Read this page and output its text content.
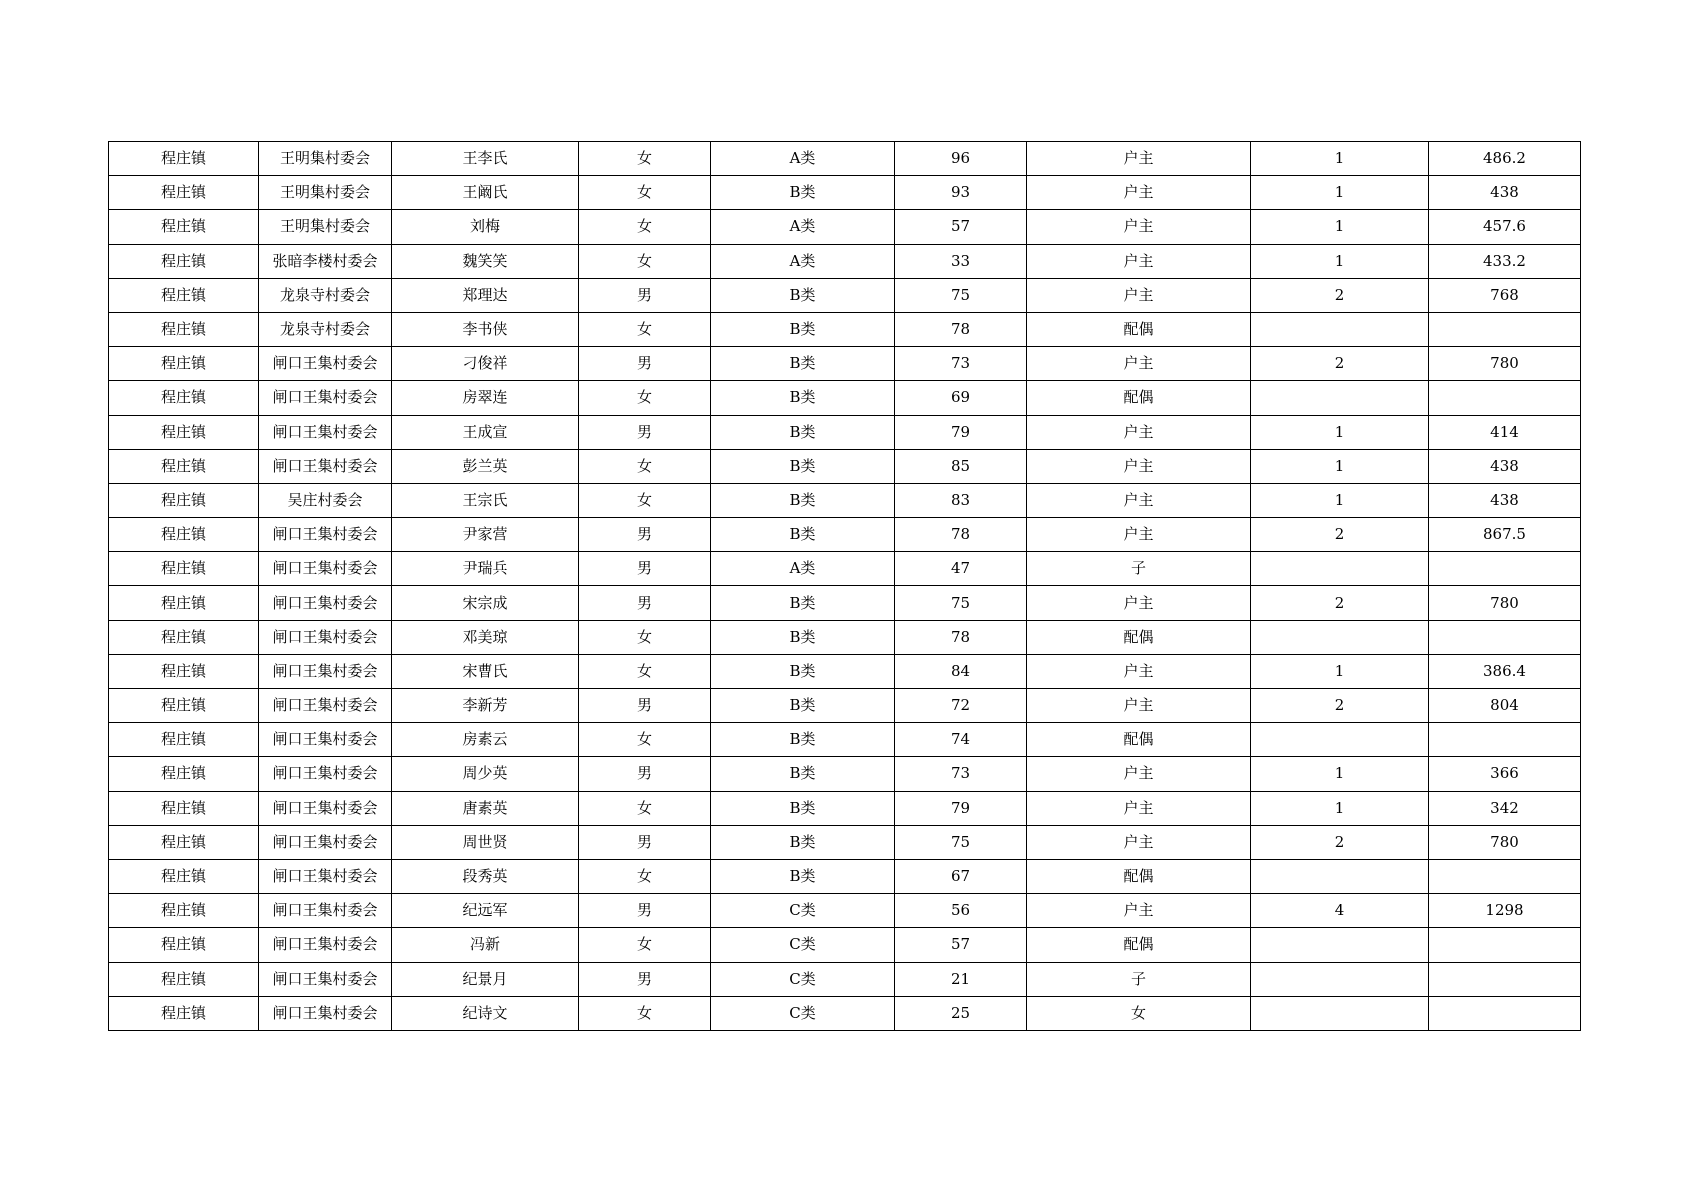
程庄镇	王明集村委会	王李氏	女	A类	96	户主	1	486.2
程庄镇	王明集村委会	王阚氏	女	B类	93	户主	1	438
程庄镇	王明集村委会	刘梅	女	A类	57	户主	1	457.6
程庄镇	张暗李楼村委会	魏笑笑	女	A类	33	户主	1	433.2
程庄镇	龙泉寺村委会	郑理达	男	B类	75	户主	2	768
程庄镇	龙泉寺村委会	李书侠	女	B类	78	配偶		
程庄镇	闸口王集村委会	刁俊祥	男	B类	73	户主	2	780
程庄镇	闸口王集村委会	房翠连	女	B类	69	配偶		
程庄镇	闸口王集村委会	王成宣	男	B类	79	户主	1	414
程庄镇	闸口王集村委会	彭兰英	女	B类	85	户主	1	438
程庄镇	吴庄村委会	王宗氏	女	B类	83	户主	1	438
程庄镇	闸口王集村委会	尹家营	男	B类	78	户主	2	867.5
程庄镇	闸口王集村委会	尹瑞兵	男	A类	47	子		
程庄镇	闸口王集村委会	宋宗成	男	B类	75	户主	2	780
程庄镇	闸口王集村委会	邓美琼	女	B类	78	配偶		
程庄镇	闸口王集村委会	宋曹氏	女	B类	84	户主	1	386.4
程庄镇	闸口王集村委会	李新芳	男	B类	72	户主	2	804
程庄镇	闸口王集村委会	房素云	女	B类	74	配偶		
程庄镇	闸口王集村委会	周少英	男	B类	73	户主	1	366
程庄镇	闸口王集村委会	唐素英	女	B类	79	户主	1	342
程庄镇	闸口王集村委会	周世贤	男	B类	75	户主	2	780
程庄镇	闸口王集村委会	段秀英	女	B类	67	配偶		
程庄镇	闸口王集村委会	纪远军	男	C类	56	户主	4	1298
程庄镇	闸口王集村委会	冯新	女	C类	57	配偶		
程庄镇	闸口王集村委会	纪景月	男	C类	21	子		
程庄镇	闸口王集村委会	纪诗文	女	C类	25	女		
